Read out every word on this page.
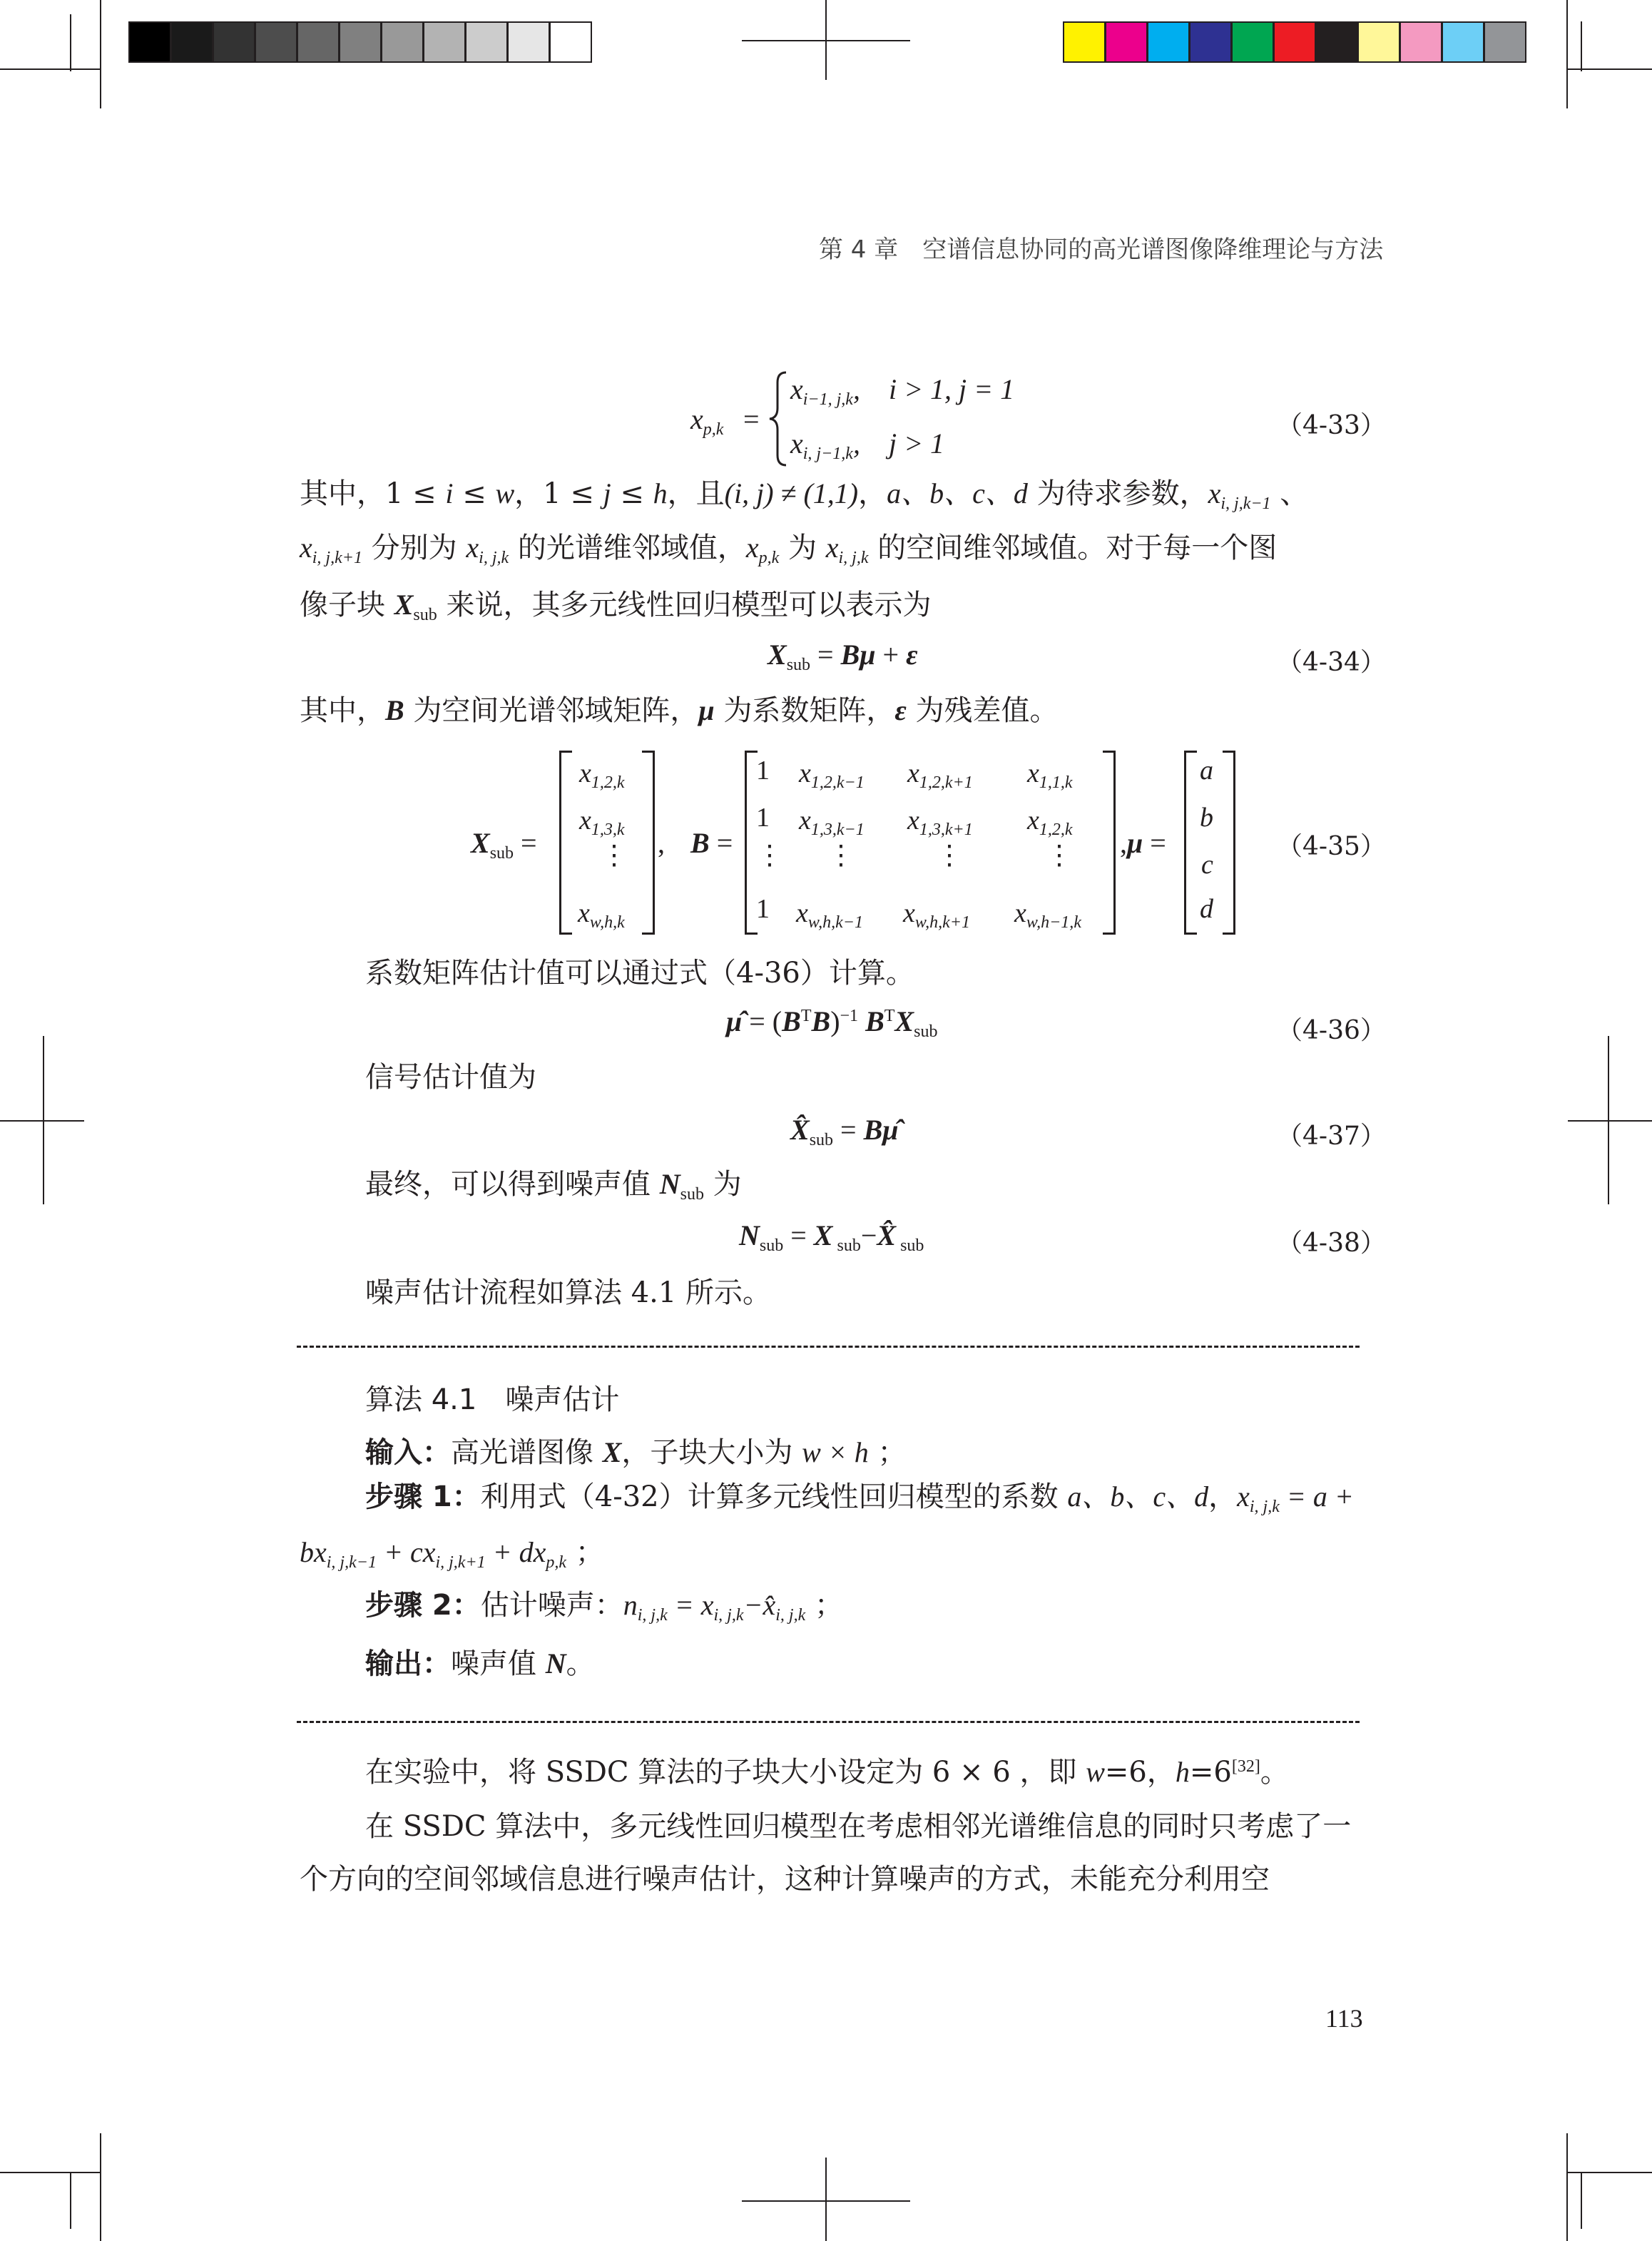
第 4 章　空谱信息协同的高光谱图像降维理论与方法
$x_{p,k}$ =
$x_{i-1, j,k}$,　i > 1, j = 1
$x_{i, j-1,k}$,　j > 1
（4-33）
其中，1 ≤ i ≤ w，1 ≤ j ≤ h，且(i, j) ≠ (1,1)，a、b、c、d 为待求参数，$x_{i, j,k-1}$ 、
$x_{i, j,k+1}$ 分别为 $x_{i, j,k}$ 的光谱维邻域值，$x_{p,k}$ 为 $x_{i, j,k}$ 的空间维邻域值。对于每一个图
像子块 $X_{sub}$ 来说，其多元线性回归模型可以表示为
$X_{sub} = B\mu + \varepsilon$	（4-34）
其中，B 为空间光谱邻域矩阵，μ 为系数矩阵，ε 为残差值。
$X_{sub}$ =
$x_{1,2,k}$
$x_{1,3,k}$
⋮
$x_{w,h,k}$
, B =
1 $x_{1,2,k-1}$ $x_{1,2,k+1}$ $x_{1,1,k}$
1 $x_{1,3,k-1}$ $x_{1,3,k+1}$ $x_{1,2,k}$
⋮ ⋮	⋮	⋮
1 $x_{w,h,k-1}$ $x_{w,h,k+1}$ $x_{w,h-1,k}$
,μ =
a
b
c
d
（4-35）
系数矩阵估计值可以通过式（4-36）计算。
μ̂ = $(B^TB)^{-1}$ $B^TX_{sub}$	（4-36）
信号估计值为
$X̂_{sub}$ = Bμ̂	（4-37）
最终，可以得到噪声值 $N_{sub}$ 为
$N_{sub} = X$ $_{sub}$−X̂ $_{sub}$	（4-38）
噪声估计流程如算法 4.1 所示。
算法 4.1　噪声估计
输入：高光谱图像 X，子块大小为 w × h ；
步骤 1：利用式（4-32）计算多元线性回归模型的系数 a、b、c、d，$x_{i, j,k} = a$ +
$bx_{i, j,k-1} + cx_{i, j,k+1} + dx_{p,k}$ ；
步骤 2：估计噪声：$n_{i, j,k}$ = $x_{i, j,k}-x̂_{i, j,k}$ ；
输出：噪声值 N。
在实验中，将 SSDC 算法的子块大小设定为 6 × 6 ，即 w=6，h=6[32]。
在 SSDC 算法中，多元线性回归模型在考虑相邻光谱维信息的同时只考虑了一
个方向的空间邻域信息进行噪声估计，这种计算噪声的方式，未能充分利用空
113
